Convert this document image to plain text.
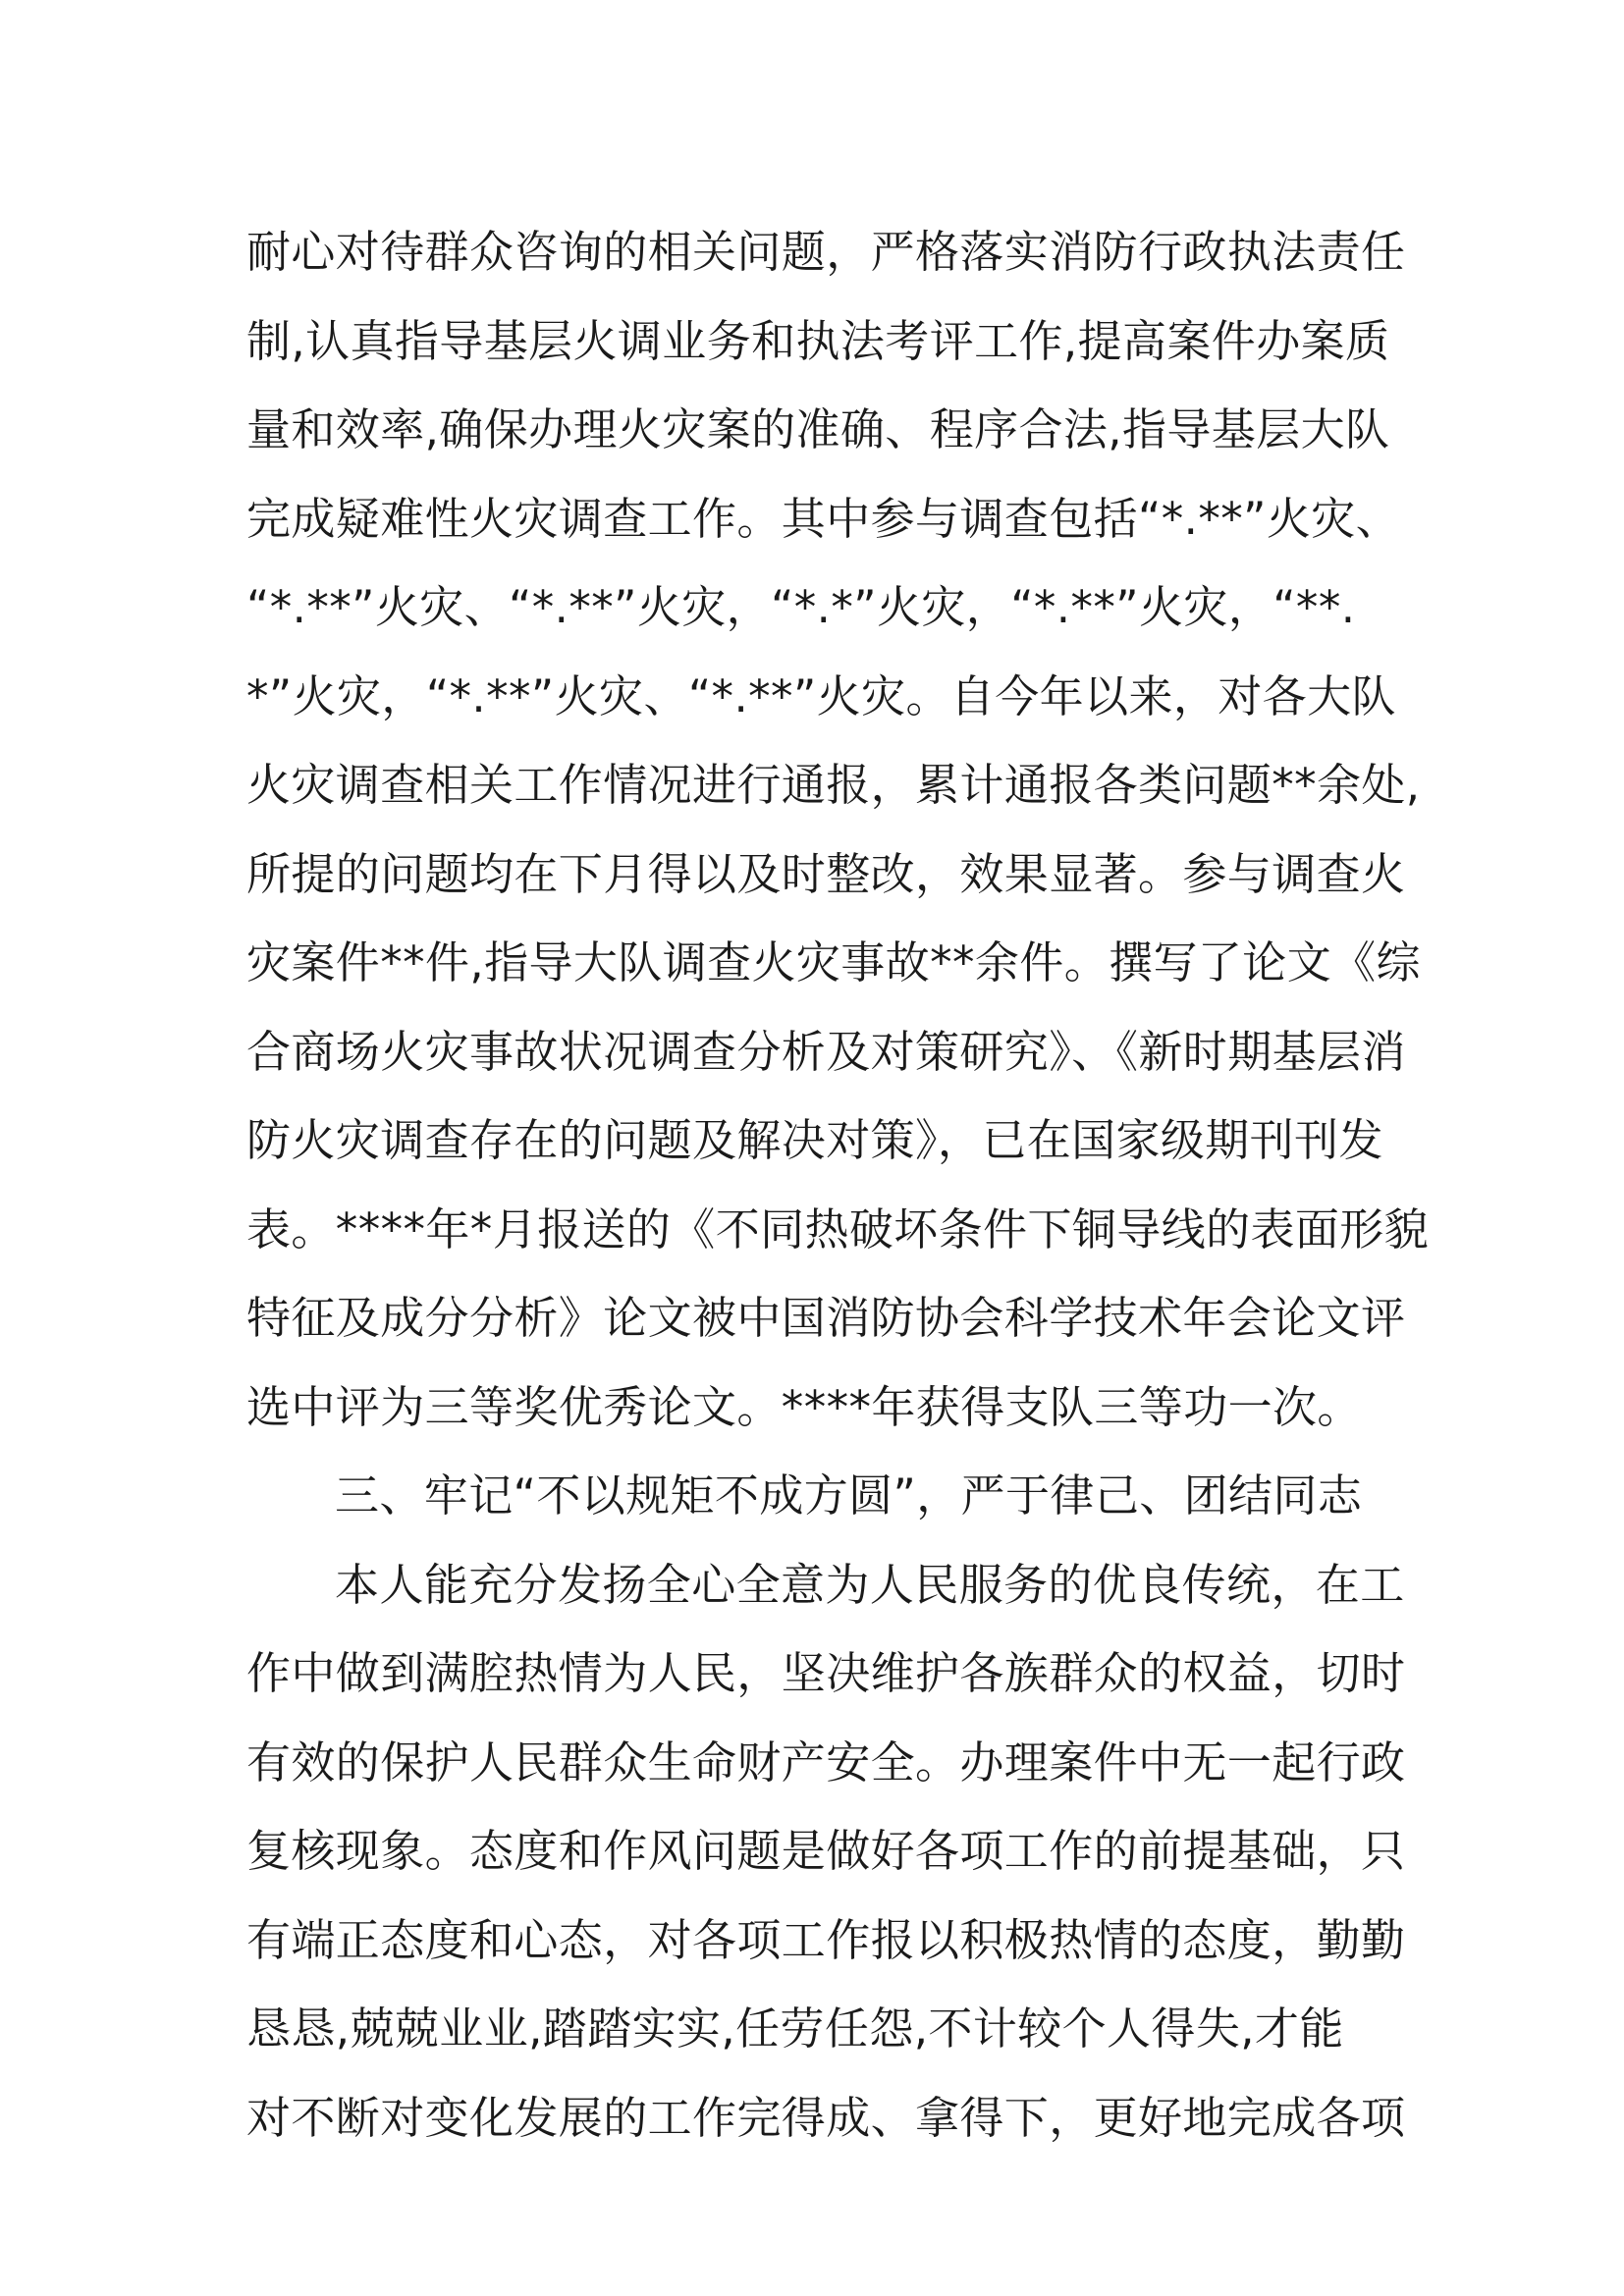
耐心对待群众咨询的相关问题，严格落实消防行政执法责任
制,认真指导基层火调业务和执法考评工作,提高案件办案质
量和效率,确保办理火灾案的准确、程序合法,指导基层大队
完成疑难性火灾调查工作。其中参与调查包括“*.**”火灾、
“*.**”火灾、“*.**”火灾，“*.*”火灾，“*.**”火灾，“**.
*”火灾，“*.**”火灾、“*.**”火灾。自今年以来，对各大队
火灾调查相关工作情况进行通报，累计通报各类问题**余处,
所提的问题均在下月得以及时整改，效果显著。参与调查火
灾案件**件,指导大队调查火灾事故**余件。撰写了论文《综
合商场火灾事故状况调查分析及对策研究》、《新时期基层消
防火灾调查存在的问题及解决对策》，已在国家级期刊刊发
表。****年*月报送的《不同热破坏条件下铜导线的表面形貌
特征及成分分析》论文被中国消防协会科学技术年会论文评
选中评为三等奖优秀论文。****年获得支队三等功一次。
三、牢记“不以规矩不成方圆”，严于律己、团结同志
本人能充分发扬全心全意为人民服务的优良传统，在工
作中做到满腔热情为人民，坚决维护各族群众的权益，切时
有效的保护人民群众生命财产安全。办理案件中无一起行政
复核现象。态度和作风问题是做好各项工作的前提基础，只
有端正态度和心态，对各项工作报以积极热情的态度，勤勤
恳恳,兢兢业业,踏踏实实,任劳任怨,不计较个人得失,才能
对不断对变化发展的工作完得成、拿得下，更好地完成各项
